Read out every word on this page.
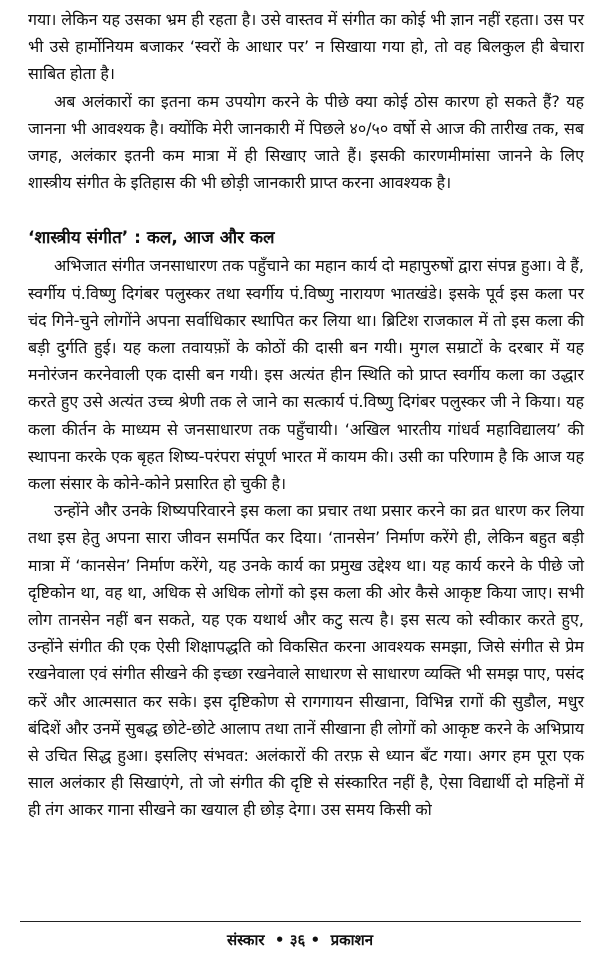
गया। लेकिन यह उसका भ्रम ही रहता है। उसे वास्तव में संगीत का कोई भी ज्ञान नहीं रहता। उस पर भी उसे हार्मोनियम बजाकर ‘स्वरों के आधार पर’ न सिखाया गया हो, तो वह बिलकुल ही बेचारा साबित होता है।

अब अलंकारों का इतना कम उपयोग करने के पीछे क्या कोई ठोस कारण हो सकते हैं? यह जानना भी आवश्यक है। क्योंकि मेरी जानकारी में पिछले ४०/५० वर्षो से आज की तारीख तक, सब जगह, अलंकार इतनी कम मात्रा में ही सिखाए जाते हैं। इसकी कारणमीमांसा जानने के लिए शास्त्रीय संगीत के इतिहास की भी छोड़ी जानकारी प्राप्त करना आवश्यक है।

‘शास्त्रीय संगीत’ : कल, आज और कल

अभिजात संगीत जनसाधारण तक पहुँचाने का महान कार्य दो महापुरुषों द्वारा संपन्न हुआ। वे हैं, स्वर्गीय पं.विष्णु दिगंबर पलुस्कर तथा स्वर्गीय पं.विष्णु नारायण भातखंडे। इसके पूर्व इस कला पर चंद गिने-चुने लोगोंने अपना सर्वाधिकार स्थापित कर लिया था। ब्रिटिश राजकाल में तो इस कला की बड़ी दुर्गति हुई। यह कला तवायफ़ों के कोठों की दासी बन गयी। मुगल सम्राटों के दरबार में यह मनोरंजन करनेवाली एक दासी बन गयी। इस अत्यंत हीन स्थिति को प्राप्त स्वर्गीय कला का उद्धार करते हुए उसे अत्यंत उच्च श्रेणी तक ले जाने का सत्कार्य पं.विष्णु दिगंबर पलुस्कर जी ने किया। यह कला कीर्तन के माध्यम से जनसाधारण तक पहुँचायी। ‘अखिल भारतीय गांधर्व महाविद्यालय’ की स्थापना करके एक बृहत शिष्य-परंपरा संपूर्ण भारत में कायम की। उसी का परिणाम है कि आज यह कला संसार के कोने-कोने प्रसारित हो चुकी है।

उन्होंने और उनके शिष्यपरिवारने इस कला का प्रचार तथा प्रसार करने का व्रत धारण कर लिया तथा इस हेतु अपना सारा जीवन समर्पित कर दिया। ‘तानसेन’ निर्माण करेंगे ही, लेकिन बहुत बड़ी मात्रा में ‘कानसेन’ निर्माण करेंगे, यह उनके कार्य का प्रमुख उद्देश्य था। यह कार्य करने के पीछे जो दृष्टिकोन था, वह था, अधिक से अधिक लोगों को इस कला की ओर कैसे आकृष्ट किया जाए। सभी लोग तानसेन नहीं बन सकते, यह एक यथार्थ और कटु सत्य है। इस सत्य को स्वीकार करते हुए, उन्होंने संगीत की एक ऐसी शिक्षापद्धति को विकसित करना आवश्यक समझा, जिसे संगीत से प्रेम रखनेवाला एवं संगीत सीखने की इच्छा रखनेवाले साधारण से साधारण व्यक्ति भी समझ पाए, पसंद करें और आत्मसात कर सके। इस दृष्टिकोण से रागगायन सीखाना, विभिन्न रागों की सुडौल, मधुर बंदिशें और उनमें सुबद्ध छोटे-छोटे आलाप तथा तानें सीखाना ही लोगों को आकृष्ट करने के अभिप्राय से उचित सिद्ध हुआ। इसलिए संभवत: अलंकारों की तरफ़ से ध्यान बँट गया। अगर हम पूरा एक साल अलंकार ही सिखाएंगे, तो जो संगीत की दृष्टि से संस्कारित नहीं है, ऐसा विद्यार्थी दो महिनों में ही तंग आकर गाना सीखने का खयाल ही छोड़ देगा। उस समय किसी को

संस्कार  • ३६ •  प्रकाशन
